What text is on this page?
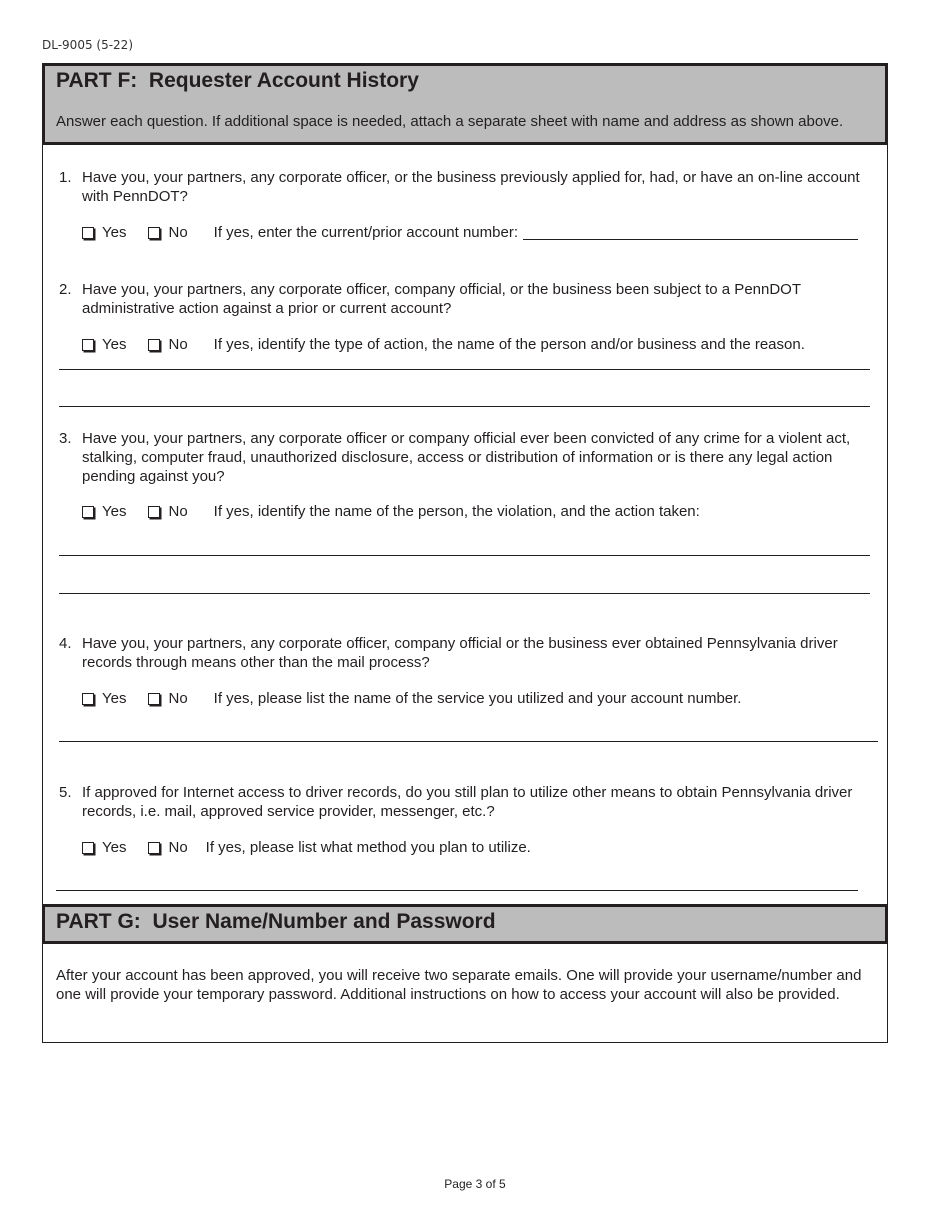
DL-9005 (5-22)
PART F:  Requester Account History
Answer each question. If additional space is needed, attach a separate sheet with name and address as shown above.
1. Have you, your partners, any corporate officer, or the business previously applied for, had, or have an on-line account with PennDOT?
Yes	No If yes, enter the current/prior account number:
2. Have you, your partners, any corporate officer, company official, or the business been subject to a PennDOT administrative action against a prior or current account?
Yes	No If yes, identify the type of action, the name of the person and/or business and the reason.
3. Have you, your partners, any corporate officer or company official ever been convicted of any crime for a violent act, stalking, computer fraud, unauthorized disclosure, access or distribution of information or is there any legal action pending against you?
Yes	No If yes, identify the name of the person, the violation, and the action taken:
4. Have you, your partners, any corporate officer, company official or the business ever obtained Pennsylvania driver records through means other than the mail process?
Yes	No If yes, please list the name of the service you utilized and your account number.
5. If approved for Internet access to driver records, do you still plan to utilize other means to obtain Pennsylvania driver records, i.e. mail, approved service provider, messenger, etc.?
Yes	No If yes, please list what method you plan to utilize.
PART G:  User Name/Number and Password
After your account has been approved, you will receive two separate emails. One will provide your username/number and one will provide your temporary password. Additional instructions on how to access your account will also be provided.
Page 3 of 5
